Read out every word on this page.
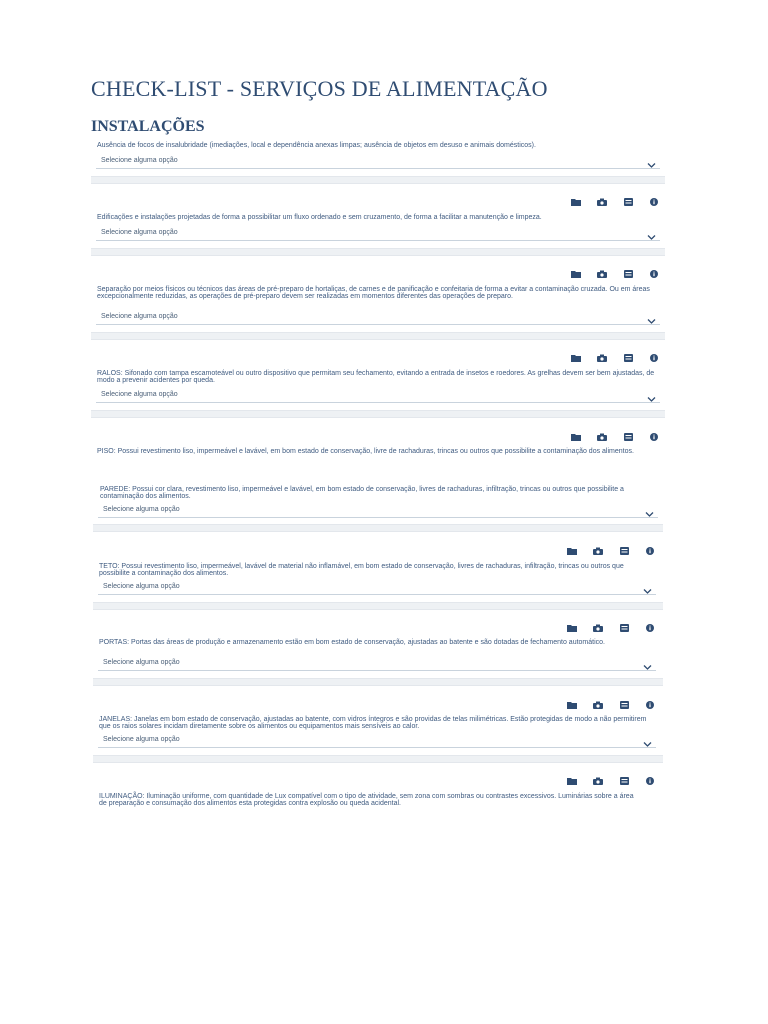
CHECK-LIST - SERVIÇOS DE ALIMENTAÇÃO
INSTALAÇÕES
Ausência de focos de insalubridade (imediações, local e dependência anexas limpas; ausência de objetos em desuso e animais domésticos).
Selecione alguma opção
Edificações e instalações projetadas de forma a possibilitar um fluxo ordenado e sem cruzamento, de forma a facilitar a manutenção e limpeza.
Selecione alguma opção
Separação por meios físicos ou técnicos das áreas de pré-preparo de hortaliças, de carnes e de panificação e confeitaria de forma a evitar a contaminação cruzada. Ou em áreas excepcionalmente reduzidas, as operações de pré-preparo devem ser realizadas em momentos diferentes das operações de preparo.
Selecione alguma opção
RALOS: Sifonado com tampa escamoteável ou outro dispositivo que permitam seu fechamento, evitando a entrada de insetos e roedores. As grelhas devem ser bem ajustadas, de modo a prevenir acidentes por queda.
Selecione alguma opção
PISO: Possui revestimento liso, impermeável e lavável, em bom estado de conservação, livre de rachaduras, trincas ou outros que possibilite a contaminação dos alimentos.
PAREDE: Possui cor clara, revestimento liso, impermeável e lavável, em bom estado de conservação, livres de rachaduras, infiltração, trincas ou outros que possibilite a contaminação dos alimentos.
Selecione alguma opção
TETO: Possui revestimento liso, impermeável, lavável de material não inflamável, em bom estado de conservação, livres de rachaduras, infiltração, trincas ou outros que possibilite a contaminação dos alimentos.
Selecione alguma opção
PORTAS: Portas das áreas de produção e armazenamento estão em bom estado de conservação, ajustadas ao batente e são dotadas de fechamento automático.
Selecione alguma opção
JANELAS: Janelas em bom estado de conservação, ajustadas ao batente, com vidros íntegros e são providas de telas milimétricas. Estão protegidas de modo a não permitirem que os raios solares incidam diretamente sobre os alimentos ou equipamentos mais sensíveis ao calor.
Selecione alguma opção
ILUMINAÇÃO: Iluminação uniforme, com quantidade de Lux compatível com o tipo de atividade, sem zona com sombras ou contrastes excessivos. Luminárias sobre a área de preparação e consumação dos alimentos esta protegidas contra explosão ou queda acidental.
